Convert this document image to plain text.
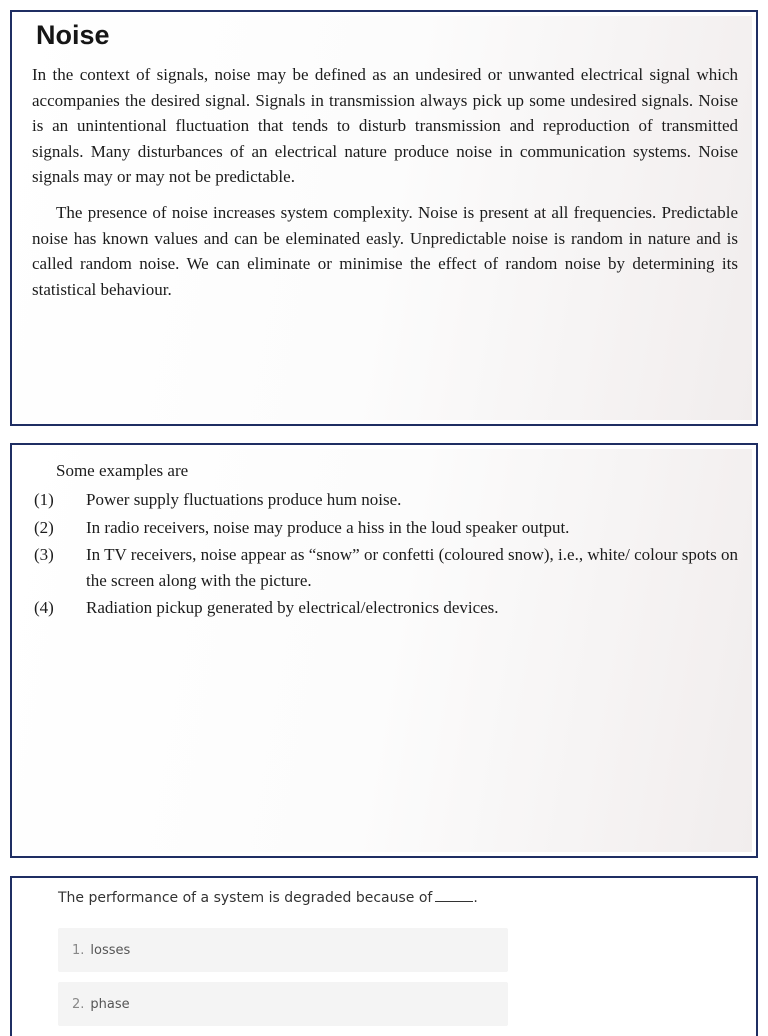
Noise

In the context of signals, noise may be defined as an undesired or unwanted electrical signal which accompanies the desired signal. Signals in transmission always pick up some undesired signals. Noise is an unintentional fluctuation that tends to disturb transmission and reproduction of transmitted signals. Many disturbances of an electrical nature produce noise in communication systems. Noise signals may or may not be predictable.

The presence of noise increases system complexity. Noise is present at all frequencies. Predictable noise has known values and can be eleminated easly. Unpredictable noise is random in nature and is called random noise. We can eliminate or minimise the effect of random noise by determining its statistical behaviour.

Some examples are

(1)	Power supply fluctuations produce hum noise.
(2)	In radio receivers, noise may produce a hiss in the loud speaker output.
(3)	In TV receivers, noise appear as “snow” or confetti (coloured snow), i.e., white/ colour spots on the screen along with the picture.
(4)	Radiation pickup generated by electrical/electronics devices.

The performance of a system is degraded because of	.

1. losses
2. phase
